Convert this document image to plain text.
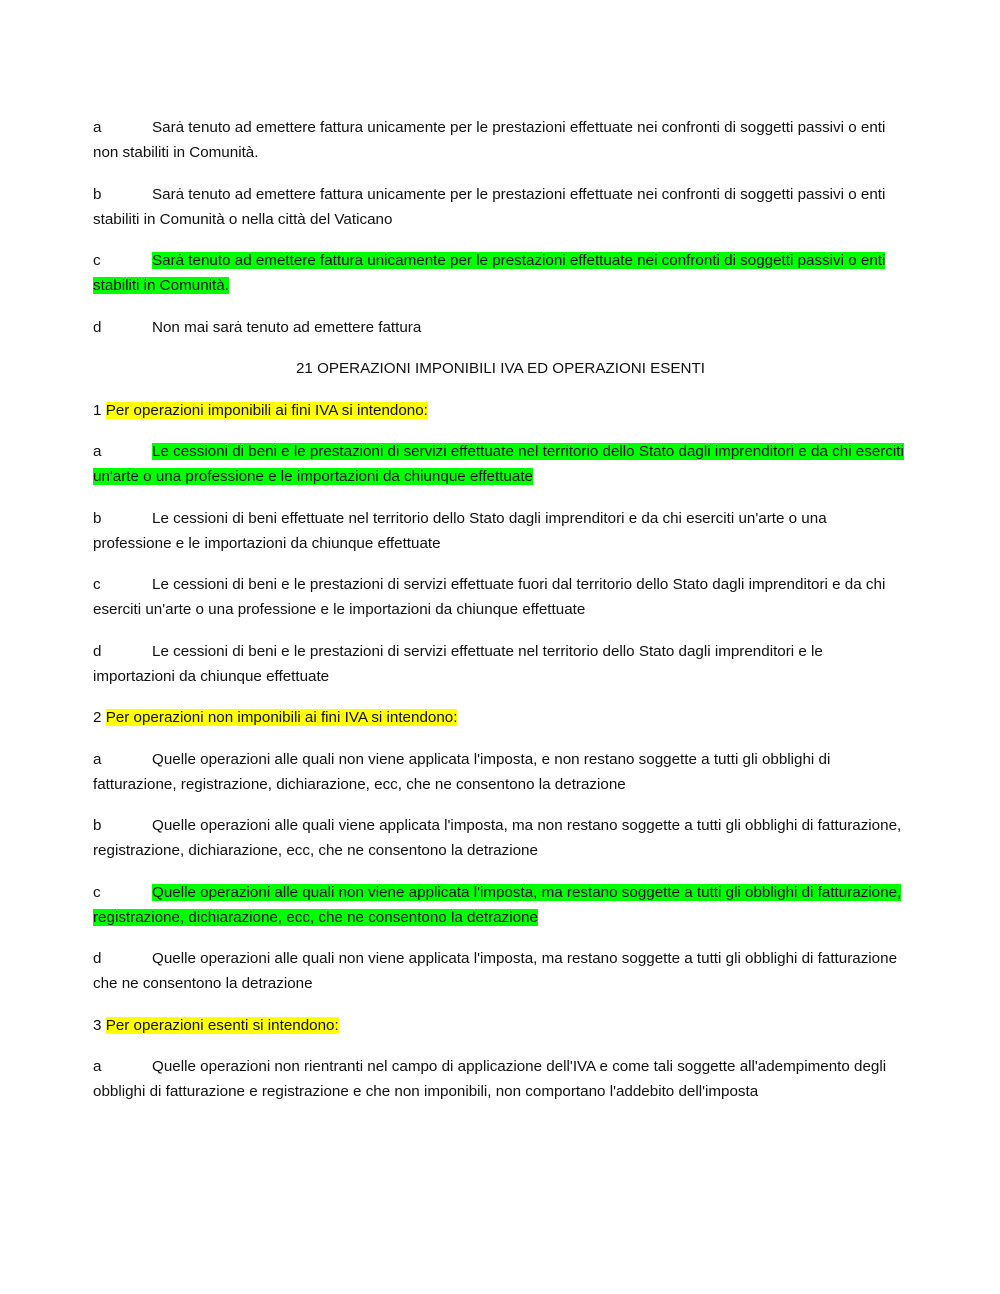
a	Sarȧ tenuto ad emettere fattura unicamente per le prestazioni effettuate nei confronti di soggetti passivi o enti non stabiliti in Comunità.
b	Sarȧ tenuto ad emettere fattura unicamente per le prestazioni effettuate nei confronti di soggetti passivi o enti stabiliti in Comunità o nella città del Vaticano
c	Sarȧ tenuto ad emettere fattura unicamente per le prestazioni effettuate nei confronti di soggetti passivi o enti stabiliti in Comunità.
d	Non mai sarȧ tenuto ad emettere fattura
21 OPERAZIONI IMPONIBILI IVA ED OPERAZIONI ESENTI
1 Per operazioni imponibili ai fini IVA si intendono:
a	Le cessioni di beni e le prestazioni di servizi effettuate nel territorio dello Stato dagli imprenditori e da chi eserciti un'arte o una professione e le importazioni da chiunque effettuate
b	Le cessioni di beni effettuate nel territorio dello Stato dagli imprenditori e da chi eserciti un'arte o una professione e le importazioni da chiunque effettuate
c	Le cessioni di beni e le prestazioni di servizi effettuate fuori dal territorio dello Stato dagli imprenditori e da chi eserciti un'arte o una professione e le importazioni da chiunque effettuate
d	Le cessioni di beni e le prestazioni di servizi effettuate nel territorio dello Stato dagli imprenditori e le importazioni da chiunque effettuate
2 Per operazioni non imponibili ai fini IVA si intendono:
a	Quelle operazioni alle quali non viene applicata l'imposta, e non restano soggette a tutti gli obblighi di fatturazione, registrazione, dichiarazione, ecc, che ne consentono la detrazione
b	Quelle operazioni alle quali viene applicata l'imposta, ma non restano soggette a tutti gli obblighi di fatturazione, registrazione, dichiarazione, ecc, che ne consentono la detrazione
c	Quelle operazioni alle quali non viene applicata l'imposta, ma restano soggette a tutti gli obblighi di fatturazione, registrazione, dichiarazione, ecc, che ne consentono la detrazione
d	Quelle operazioni alle quali non viene applicata l'imposta, ma restano soggette a tutti gli obblighi di fatturazione che ne consentono la detrazione
3 Per operazioni esenti si intendono:
a	Quelle operazioni non rientranti nel campo di applicazione dell'IVA e come tali soggette all'adempimento degli obblighi di fatturazione e registrazione e che non imponibili, non comportano l'addebito dell'imposta
